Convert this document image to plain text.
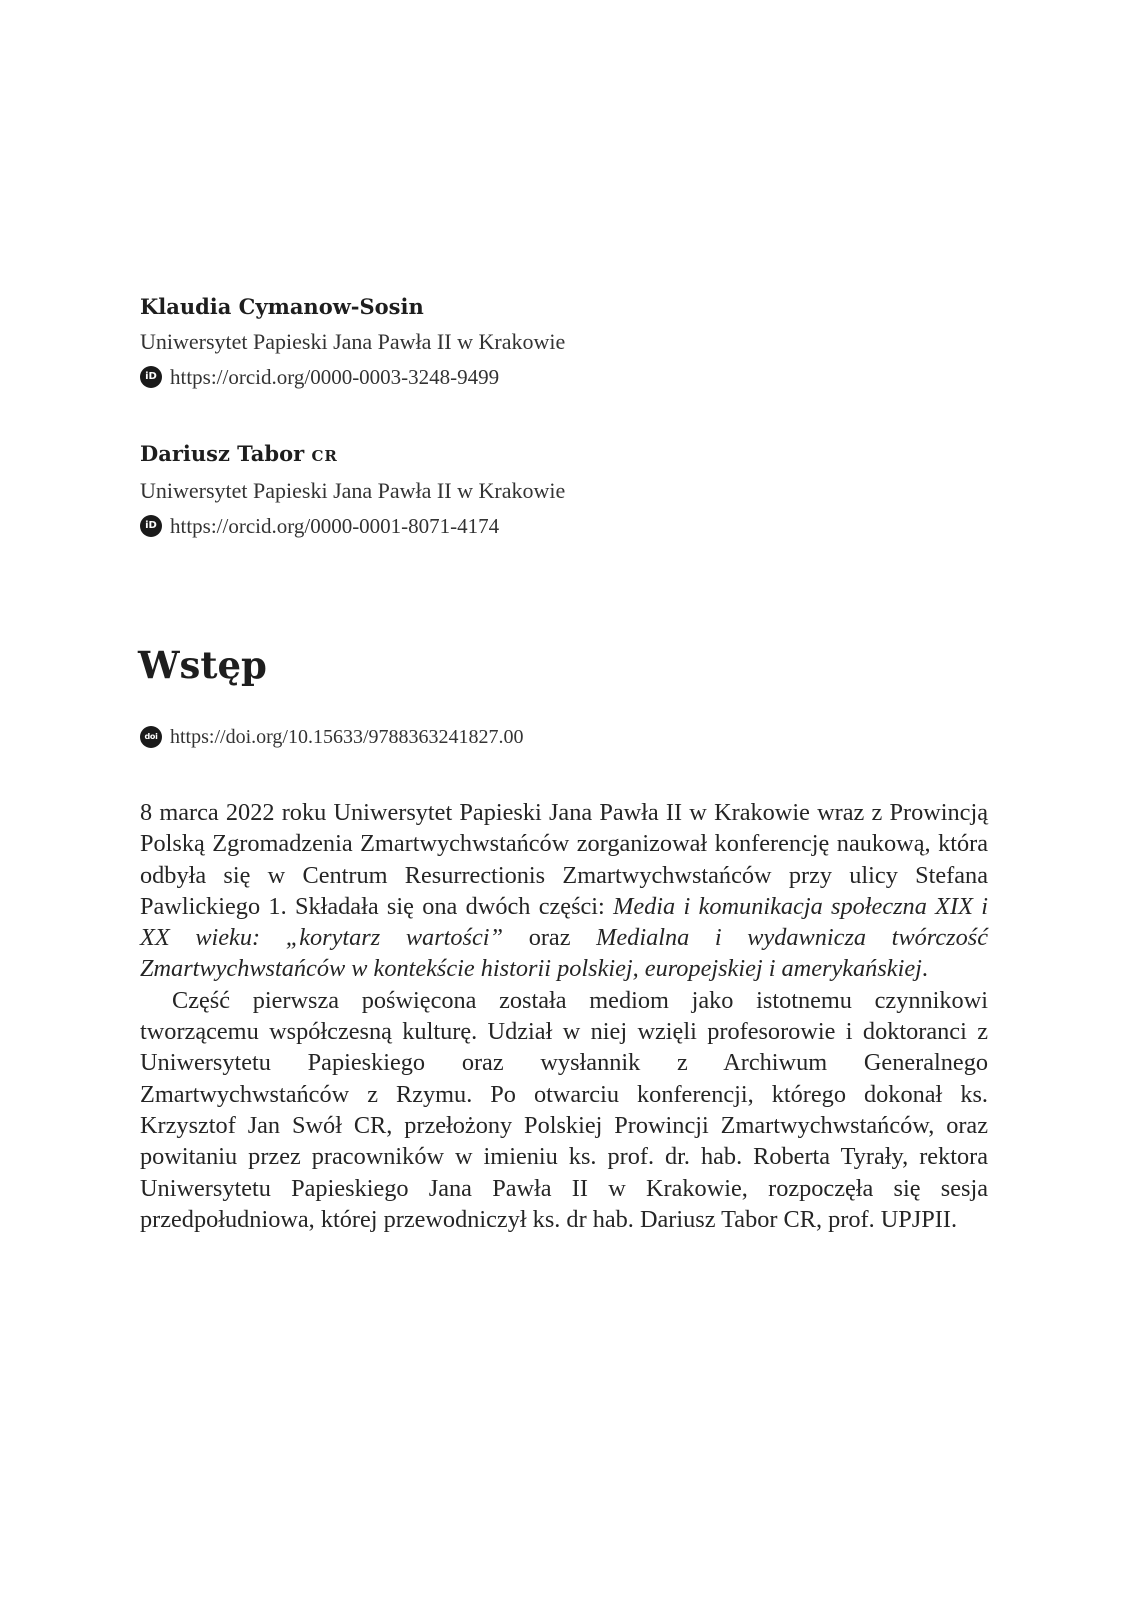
Klaudia Cymanow-Sosin
Uniwersytet Papieski Jana Pawła II w Krakowie
iD https://orcid.org/0000-0003-3248-9499
Dariusz Tabor CR
Uniwersytet Papieski Jana Pawła II w Krakowie
iD https://orcid.org/0000-0001-8071-4174
Wstęp
doi https://doi.org/10.15633/9788363241827.00

8 marca 2022 roku Uniwersytet Papieski Jana Pawła II w Krakowie wraz z Prowincją Polską Zgromadzenia Zmartwychwstańców zorganizował konferencję naukową, która odbyła się w Centrum Resurrectionis Zmartwychwstańców przy ulicy Stefana Pawlickiego 1. Składała się ona dwóch części: Media i komunikacja społeczna XIX i XX wieku: „korytarz wartości” oraz Medialna i wydawnicza twórczość Zmartwychwstańców w kontekście historii polskiej, europejskiej i amerykańskiej.

Część pierwsza poświęcona została mediom jako istotnemu czynnikowi tworzącemu współczesną kulturę. Udział w niej wzięli profesorowie i doktoranci z Uniwersytetu Papieskiego oraz wysłannik z Archiwum Generalnego Zmartwychwstańców z Rzymu. Po otwarciu konferencji, którego dokonał ks. Krzysztof Jan Swół CR, przełożony Polskiej Prowincji Zmartwychwstańców, oraz powitaniu przez pracowników w imieniu ks. prof. dr. hab. Roberta Tyrały, rektora Uniwersytetu Papieskiego Jana Pawła II w Krakowie, rozpoczęła się sesja przedpołudniowa, której przewodniczył ks. dr hab. Dariusz Tabor CR, prof. UPJPII.
